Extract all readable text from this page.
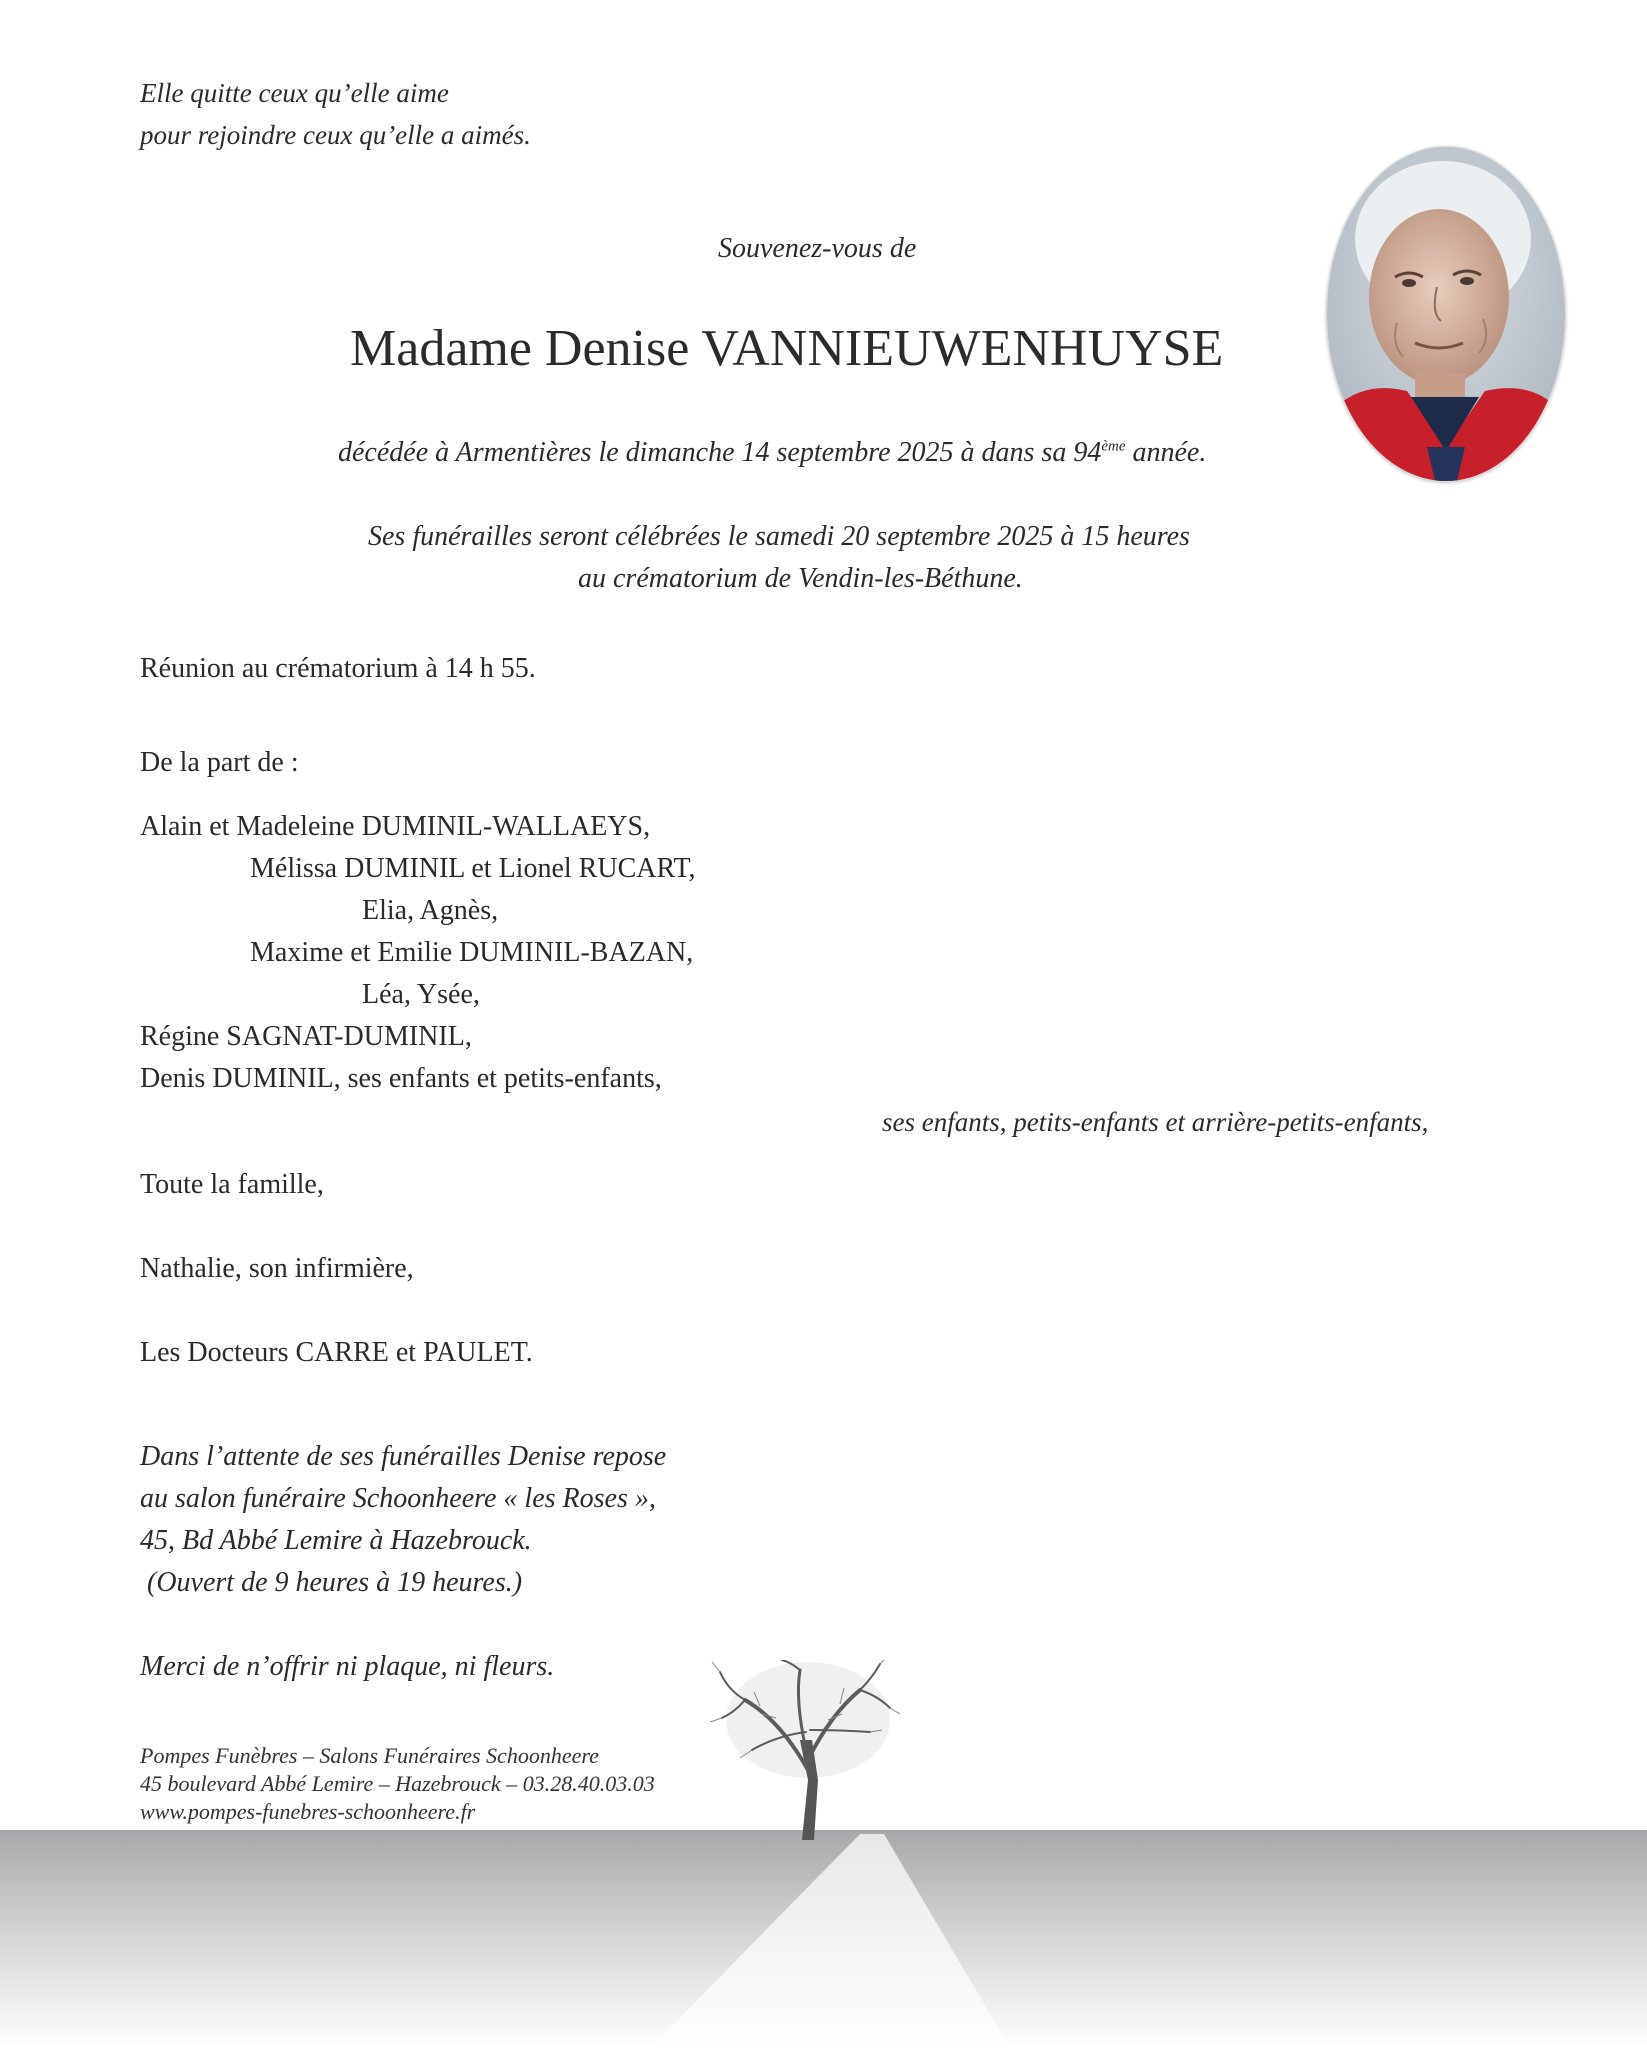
Elle quitte ceux qu’elle aime
pour rejoindre ceux qu’elle a aimés.
Souvenez-vous de
Madame Denise VANNIEUWENHUYSE
décédée à Armentières le dimanche 14 septembre 2025 à dans sa 94ème année.
Ses funérailles seront célébrées le samedi 20 septembre 2025 à 15 heures
au crématorium de Vendin-les-Béthune.
Réunion au crématorium à 14 h 55.
De la part de :
Alain et Madeleine DUMINIL-WALLAEYS,
Mélissa DUMINIL et Lionel RUCART,
Elia, Agnès,
Maxime et Emilie DUMINIL-BAZAN,
Léa, Ysée,
Régine SAGNAT-DUMINIL,
Denis DUMINIL, ses enfants et petits-enfants,
ses enfants, petits-enfants et arrière-petits-enfants,
Toute la famille,
Nathalie, son infirmière,
Les Docteurs CARRE et PAULET.
Dans l’attente de ses funérailles Denise repose
au salon funéraire Schoonheere « les Roses »,
45, Bd Abbé Lemire à Hazebrouck.
(Ouvert de 9 heures à 19 heures.)
Merci de n’offrir ni plaque, ni fleurs.
Pompes Funèbres – Salons Funéraires Schoonheere
45 boulevard Abbé Lemire – Hazebrouck – 03.28.40.03.03
www.pompes-funebres-schoonheere.fr
